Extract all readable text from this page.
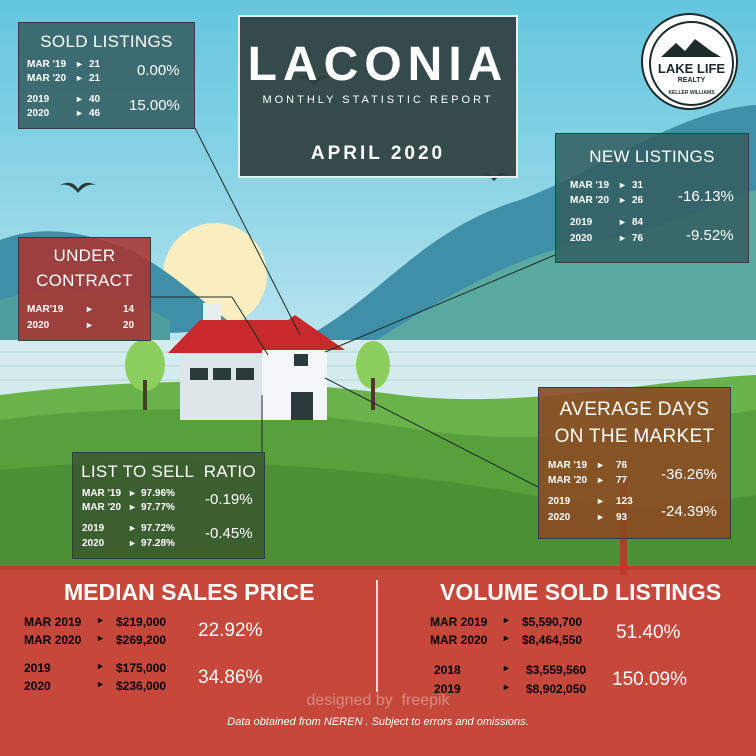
LAKE LIFE
REALTY
KELLER WILLIAMS
LACONIA
MONTHLY STATISTIC REPORT
APRIL 2020
SOLD LISTINGS
MAR '19 ► 21
MAR '20 ► 21
2019	► 40
2020	► 46
0.00%
15.00%
NEW LISTINGS
MAR '19 ► 31
MAR '20 ► 26
2019	► 84
2020	► 76
-16.13%
-9.52%
UNDER
CONTRACT
MAR'19 ►	14
2020	►	20
LIST TO SELL  RATIO
MAR '19 ► 97.96%
MAR '20 ► 97.77%
2019	► 97.72%
2020	► 97.28%
-0.19%
-0.45%
AVERAGE DAYS
ON THE MARKET
MAR '19 ► 76
MAR '20 ► 77
2019	► 123
2020	► 93
-36.26%
-24.39%
MEDIAN SALES PRICE
MAR 2019 ► $219,000
MAR 2020 ► $269,200
2019	► $175,000
2020	► $236,000
22.92%
34.86%
VOLUME SOLD LISTINGS
MAR 2019 ► $5,590,700
MAR 2020 ► $8,464,550
2018	► $3,559,560
2019	► $8,902,050
51.40%
150.09%
designed by  freepik
Data obtained from NEREN . Subject to errors and omissions.
